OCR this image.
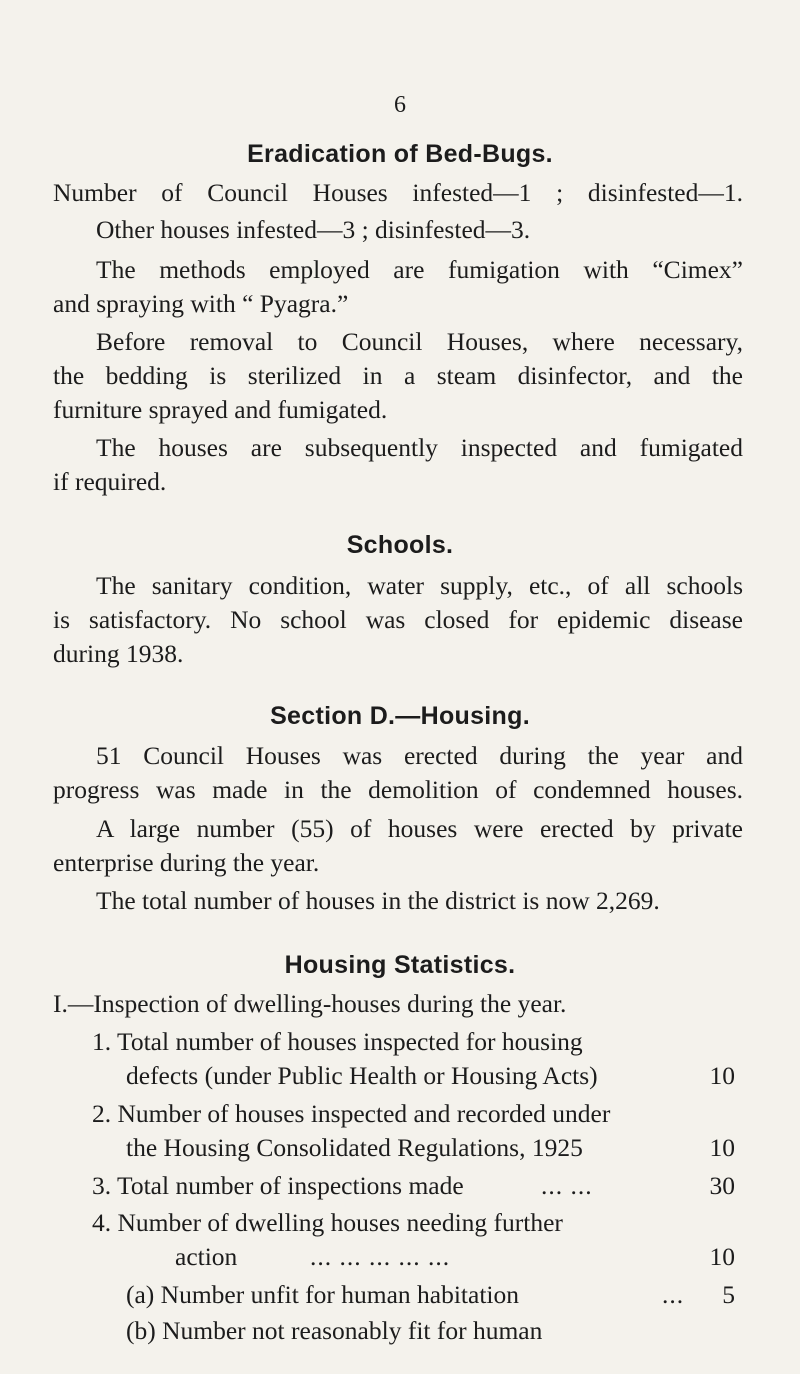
6
Eradication of Bed-Bugs.
Number of Council Houses infested—1 ; disinfested—1.
Other houses infested—3 ; disinfested—3.
The methods employed are fumigation with “Cimex”
and spraying with “ Pyagra.”
Before removal to Council Houses, where necessary,
the bedding is sterilized in a steam disinfector, and the
furniture sprayed and fumigated.
The houses are subsequently inspected and fumigated
if required.
Schools.
The sanitary condition, water supply, etc., of all schools
is satisfactory. No school was closed for epidemic disease
during 1938.
Section D.—Housing.
51 Council Houses was erected during the year and
progress was made in the demolition of condemned houses.
A large number (55) of houses were erected by private
enterprise during the year.
The total number of houses in the district is now 2,269.
Housing Statistics.
I.—Inspection of dwelling-houses during the year.
1. Total number of houses inspected for housing
defects (under Public Health or Housing Acts)	10
2. Number of houses inspected and recorded under
the Housing Consolidated Regulations, 1925	10
3. Total number of inspections made	... ...	30
4. Number of dwelling houses needing further
action	... ... ... ... ...	10
(a) Number unfit for human habitation	... 5
(b) Number not reasonably fit for human
